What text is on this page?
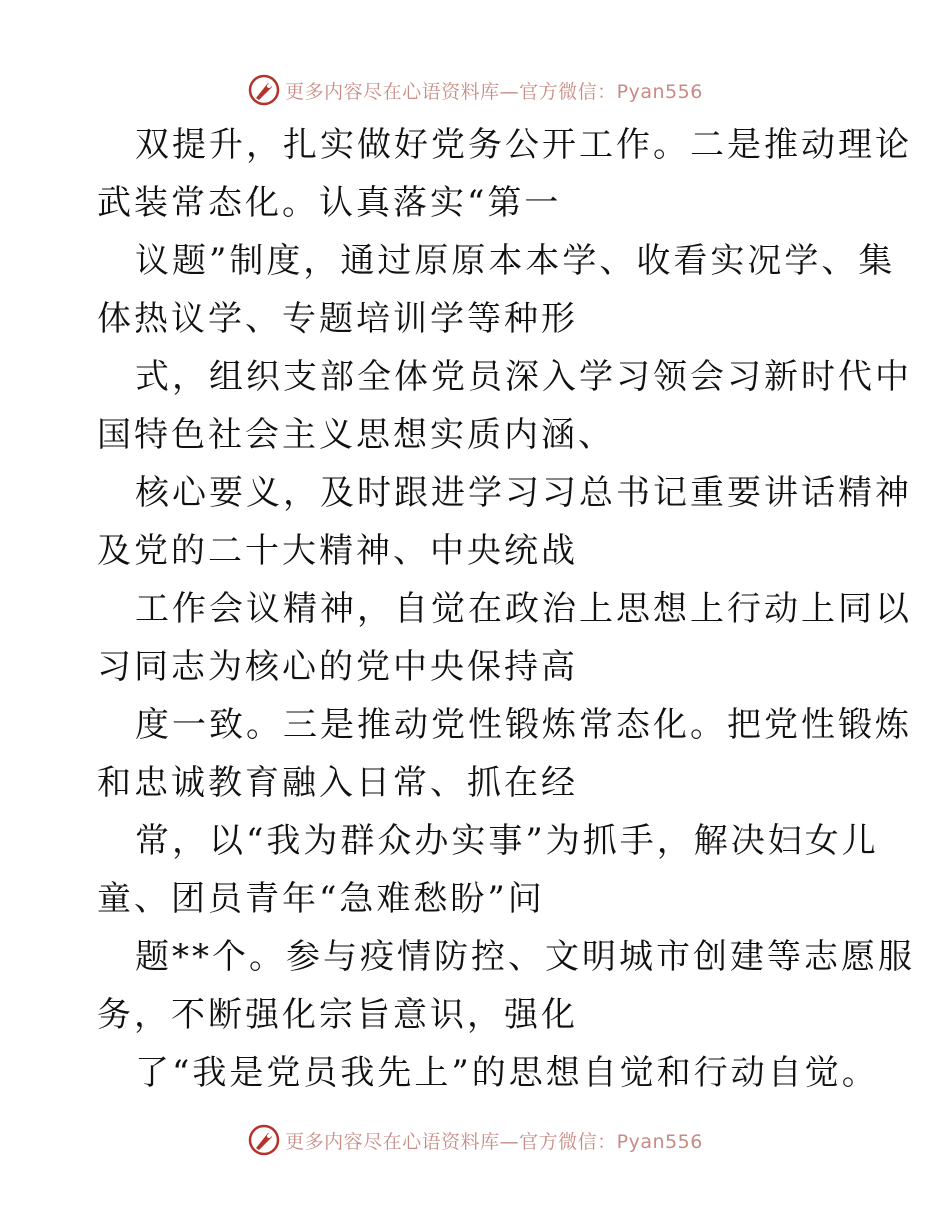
更多内容尽在心语资料库—官方微信：Pyan556
双提升，扎实做好党务公开工作。二是推动理论
武装常态化。认真落实“第一
议题”制度，通过原原本本学、收看实况学、集
体热议学、专题培训学等种形
式，组织支部全体党员深入学习领会习新时代中
国特色社会主义思想实质内涵、
核心要义，及时跟进学习习总书记重要讲话精神
及党的二十大精神、中央统战
工作会议精神，自觉在政治上思想上行动上同以
习同志为核心的党中央保持高
度一致。三是推动党性锻炼常态化。把党性锻炼
和忠诚教育融入日常、抓在经
常，以“我为群众办实事”为抓手，解决妇女儿
童、团员青年“急难愁盼”问
题**个。参与疫情防控、文明城市创建等志愿服
务，不断强化宗旨意识，强化
了“我是党员我先上”的思想自觉和行动自觉。
更多内容尽在心语资料库—官方微信：Pyan556
